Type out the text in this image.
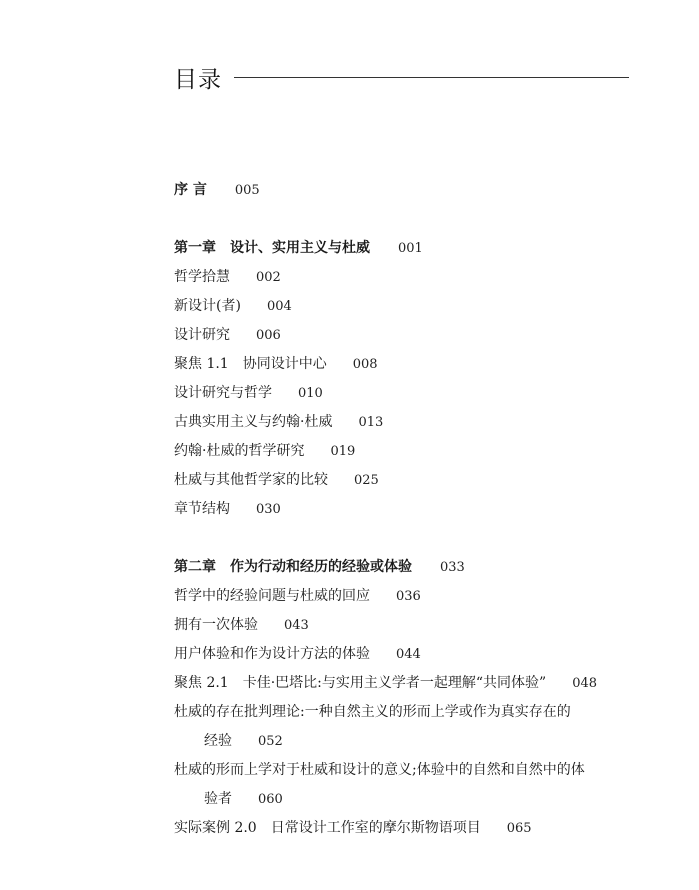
目录
序 言 005
第一章　设计、实用主义与杜威 001
哲学拾慧 002
新设计(者) 004
设计研究 006
聚焦 1.1　协同设计中心 008
设计研究与哲学 010
古典实用主义与约翰·杜威 013
约翰·杜威的哲学研究 019
杜威与其他哲学家的比较 025
章节结构 030
第二章　作为行动和经历的经验或体验 033
哲学中的经验问题与杜威的回应 036
拥有一次体验 043
用户体验和作为设计方法的体验 044
聚焦 2.1　卡佳·巴塔比:与实用主义学者一起理解“共同体验” 048
杜威的存在批判理论:一种自然主义的形而上学或作为真实存在的
经验 052
杜威的形而上学对于杜威和设计的意义;体验中的自然和自然中的体
验者 060
实际案例 2.0　日常设计工作室的摩尔斯物语项目 065
